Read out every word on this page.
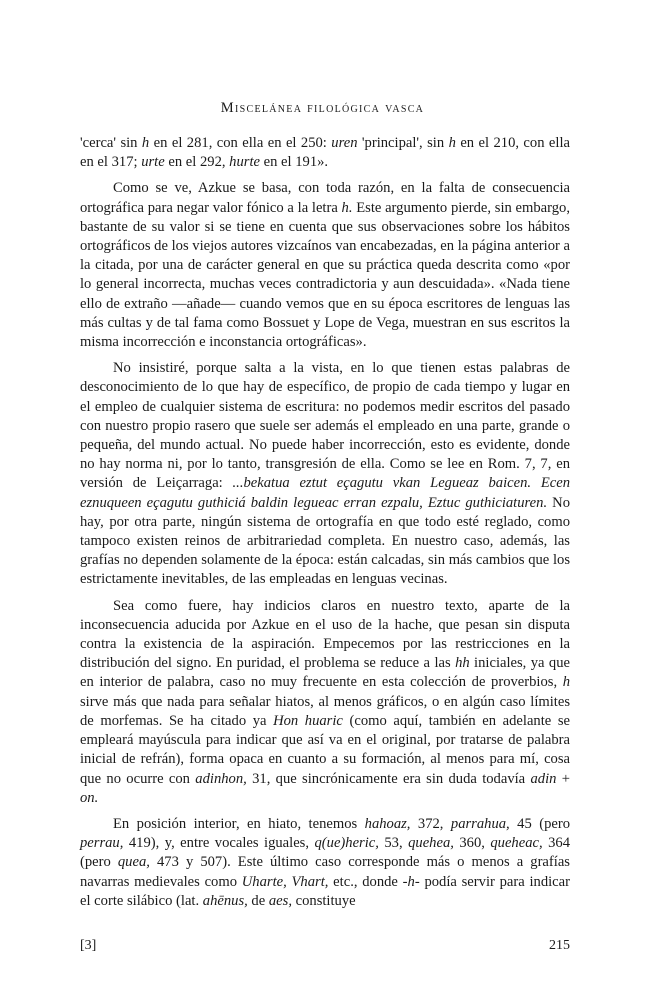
Miscelánea filológica vasca

'cerca' sin h en el 281, con ella en el 250: uren 'principal', sin h en el 210, con ella en el 317; urte en el 292, hurte en el 191».

Como se ve, Azkue se basa, con toda razón, en la falta de consecuencia ortográfica para negar valor fónico a la letra h. Este argumento pierde, sin embargo, bastante de su valor si se tiene en cuenta que sus observaciones sobre los hábitos ortográficos de los viejos autores vizcaínos van encabezadas, en la página anterior a la citada, por una de carácter general en que su práctica queda descrita como «por lo general incorrecta, muchas veces contradictoria y aun descuidada». «Nada tiene ello de extraño —añade— cuando vemos que en su época escritores de lenguas las más cultas y de tal fama como Bossuet y Lope de Vega, muestran en sus escritos la misma incorrección e inconstancia ortográficas».

No insistiré, porque salta a la vista, en lo que tienen estas palabras de desconocimiento de lo que hay de específico, de propio de cada tiempo y lugar en el empleo de cualquier sistema de escritura: no podemos medir escritos del pasado con nuestro propio rasero que suele ser además el empleado en una parte, grande o pequeña, del mundo actual. No puede haber incorrección, esto es evidente, donde no hay norma ni, por lo tanto, transgresión de ella. Como se lee en Rom. 7, 7, en versión de Leiçarraga: ...bekatua eztut eçagutu vkan Legueaz baicen. Ecen eznuqueen eçagutu guthiciá baldin legueac erran ezpalu, Eztuc guthiciaturen. No hay, por otra parte, ningún sistema de ortografía en que todo esté reglado, como tampoco existen reinos de arbitrariedad completa. En nuestro caso, además, las grafías no dependen solamente de la época: están calcadas, sin más cambios que los estrictamente inevitables, de las empleadas en lenguas vecinas.

Sea como fuere, hay indicios claros en nuestro texto, aparte de la inconsecuencia aducida por Azkue en el uso de la hache, que pesan sin disputa contra la existencia de la aspiración. Empecemos por las restricciones en la distribución del signo. En puridad, el problema se reduce a las hh iniciales, ya que en interior de palabra, caso no muy frecuente en esta colección de proverbios, h sirve más que nada para señalar hiatos, al menos gráficos, o en algún caso límites de morfemas. Se ha citado ya Hon huaric (como aquí, también en adelante se empleará mayúscula para indicar que así va en el original, por tratarse de palabra inicial de refrán), forma opaca en cuanto a su formación, al menos para mí, cosa que no ocurre con adinhon, 31, que sincrónicamente era sin duda todavía adin + on.

En posición interior, en hiato, tenemos hahoaz, 372, parrahua, 45 (pero perrau, 419), y, entre vocales iguales, q(ue)heric, 53, quehea, 360, queheac, 364 (pero quea, 473 y 507). Este último caso corresponde más o menos a grafías navarras medievales como Uharte, Vhart, etc., donde -h- podía servir para indicar el corte silábico (lat. ahēnus, de aes, constituye

[3]	215
